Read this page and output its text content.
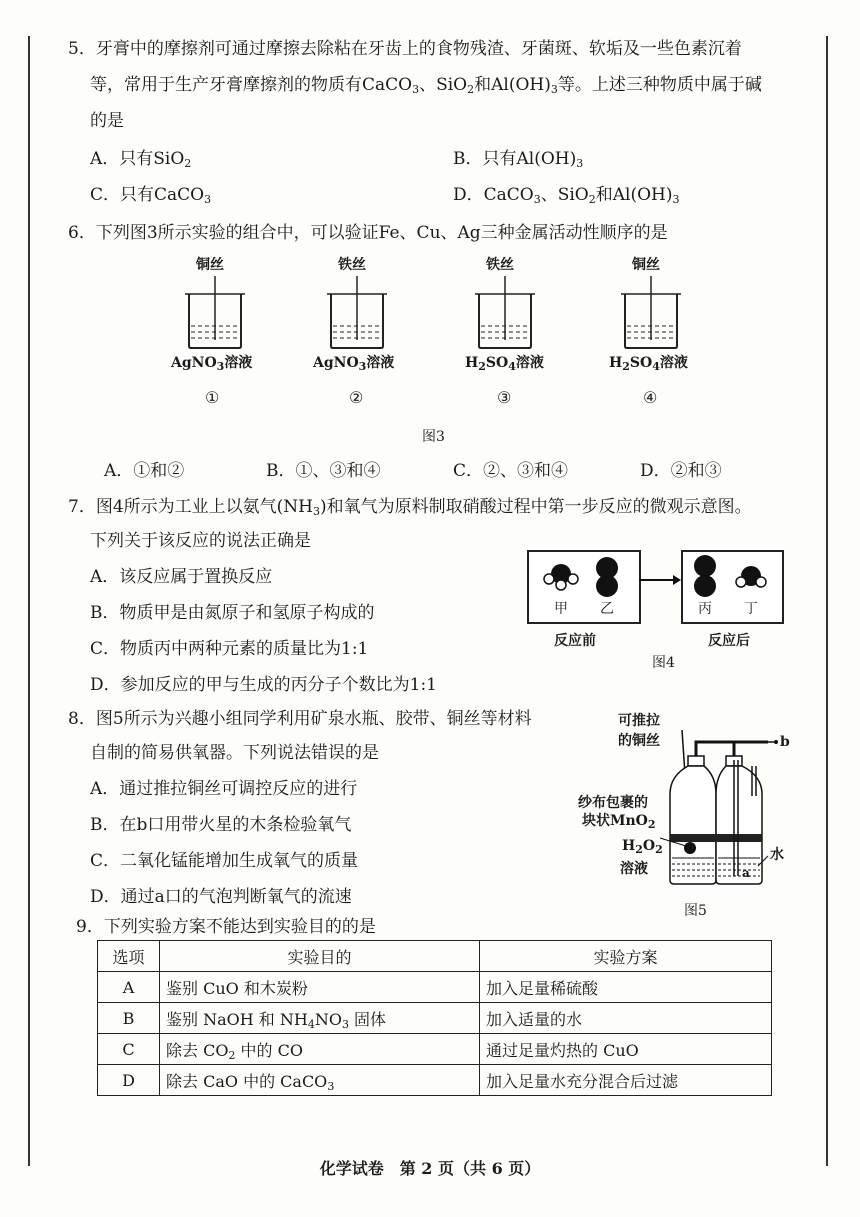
5．牙膏中的摩擦剂可通过摩擦去除粘在牙齿上的食物残渣、牙菌斑、软垢及一些色素沉着
等，常用于生产牙膏摩擦剂的物质有CaCO$_3$、SiO$_2$和$Al(OH)_3$等。上述三种物质中属于碱
的是
A．只有SiO$_2$	B．只有$Al(OH)_3$
C．只有CaCO$_3$	D．CaCO$_3$、SiO$_2$和$Al(OH)_3$
6．下列图3所示实验的组合中，可以验证Fe、Cu、Ag三种金属活动性顺序的是
铜丝
AgNO$_3$溶液
①
铁丝
AgNO$_3$溶液
②
铁丝
$H_2SO_4$溶液
③
铜丝
$H_2SO_4$溶液
④
图3
A．①和②	B．①、③和④	C．②、③和④	D．②和③
7．图4所示为工业上以氨气$(NH_3)$和氧气为原料制取硝酸过程中第一步反应的微观示意图。
下列关于该反应的说法正确是
A．该反应属于置换反应
B．物质甲是由氮原子和氢原子构成的
C．物质丙中两种元素的质量比为1:1
D．参加反应的甲与生成的丙分子个数比为1:1
甲 乙	丙 丁
反应前	反应后
图4
8．图5所示为兴趣小组同学利用矿泉水瓶、胶带、铜丝等材料
自制的简易供氧器。下列说法错误的是
A．通过推拉铜丝可调控反应的进行
B．在b口用带火星的木条检验氧气
C．二氧化锰能增加生成氧气的质量
D．通过a口的气泡判断氧气的流速
可推拉
的铜丝	b
纱布包裹的
块状MnO$_2$
$H_2O_2$
溶液
水
a
图5
9．下列实验方案不能达到实验目的的是
选项	实验目的	实验方案
A	鉴别 CuO 和木炭粉	加入足量稀硫酸
B	鉴别 NaOH 和 $NH_4NO_3$ 固体	加入适量的水
C	除去 $CO_2$ 中的 CO	通过足量灼热的 CuO
D	除去 CaO 中的 CaCO$_3$	加入足量水充分混合后过滤
化学试卷　第 2 页（共 6 页）
